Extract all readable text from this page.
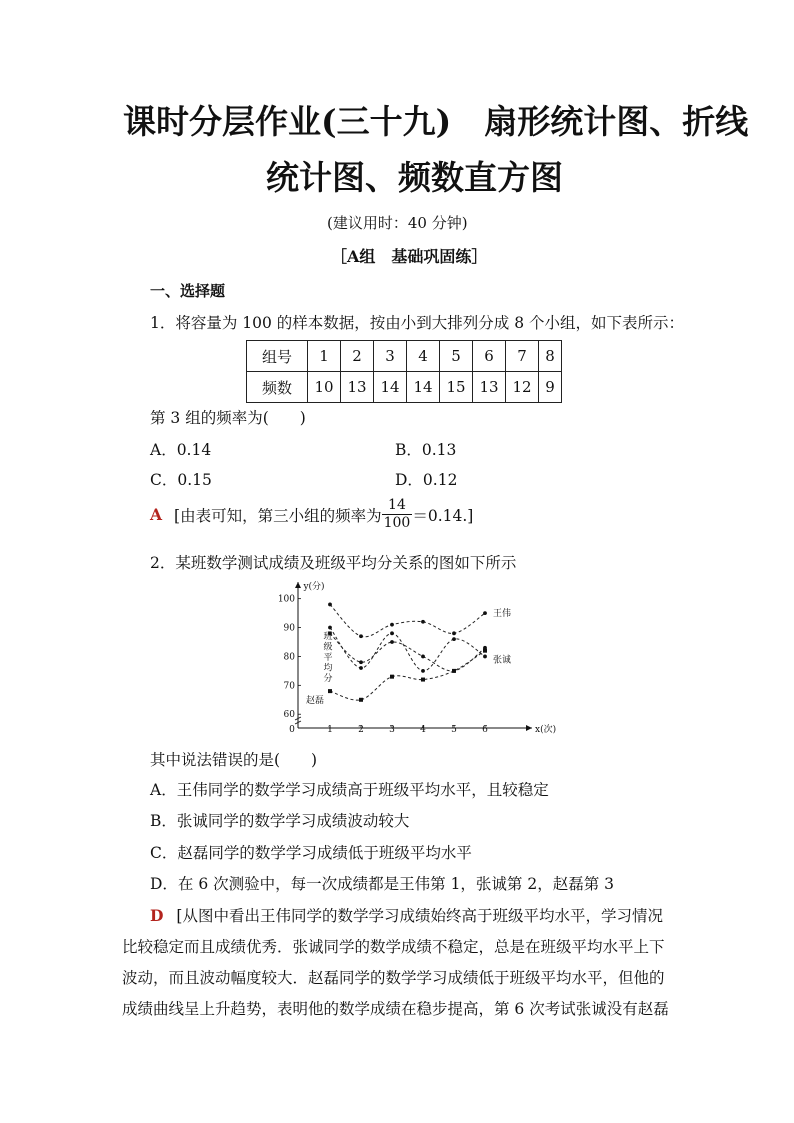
课时分层作业(三十九)　扇形统计图、折线
统计图、频数直方图
(建议用时：40 分钟)
［A组　基础巩固练］
一、选择题
1．将容量为 100 的样本数据，按由小到大排列分成 8 个小组，如下表所示：
组号	1	2	3	4	5	6	7	8
频数	10	13	14	14	15	13	12	9
第 3 组的频率为(　　)
A．0.14	B．0.13
C．0.15	D．0.12
A [由表可知，第三小组的频率为 $\frac{14}{100} =0.14$.]
2．某班数学测试成绩及班级平均分关系的图如下所示
y(分)
x(次)
0	1	2	3	4	5	6
60
70
80
90
100
王伟
张诚
赵磊
班
级
平
均
分
其中说法错误的是(　　)
A．王伟同学的数学学习成绩高于班级平均水平，且较稳定
B．张诚同学的数学学习成绩波动较大
C．赵磊同学的数学学习成绩低于班级平均水平
D．在 6 次测验中，每一次成绩都是王伟第 1，张诚第 2，赵磊第 3
D [从图中看出王伟同学的数学学习成绩始终高于班级平均水平，学习情况
比较稳定而且成绩优秀．张诚同学的数学成绩不稳定，总是在班级平均水平上下
波动，而且波动幅度较大．赵磊同学的数学学习成绩低于班级平均水平，但他的
成绩曲线呈上升趋势，表明他的数学成绩在稳步提高，第 6 次考试张诚没有赵磊
